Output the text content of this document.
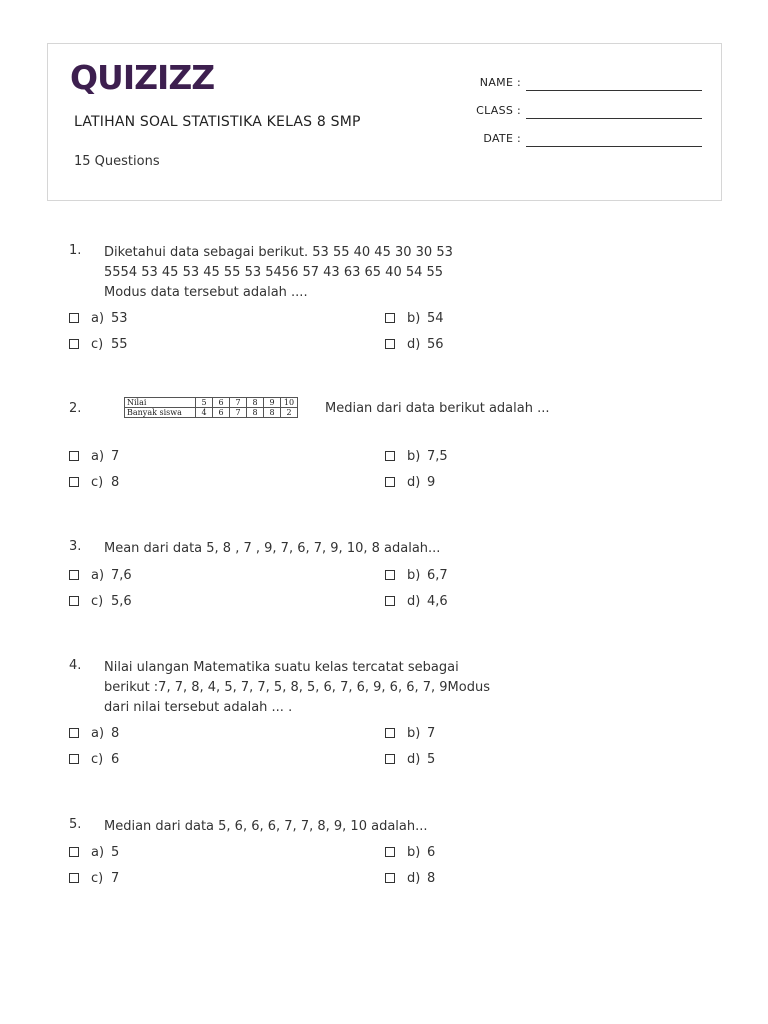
QUIZIZZ
LATIHAN SOAL STATISTIKA KELAS 8 SMP
15 Questions
NAME :
CLASS :
DATE :
1. Diketahui data sebagai berikut. 53 55 40 45 30 30 53
5554 53 45 53 45 55 53 5456 57 43 63 65 40 54 55
Modus data tersebut adalah ....
a) 53	b) 54
c) 55	d) 56
2.	Nilai	5	6	7	8	9	10
Banyak siswa	4	6	7	8	8	2	Median dari data berikut adalah ...
a) 7	b) 7,5
c) 8	d) 9
3. Mean dari data 5, 8 , 7 , 9, 7, 6, 7, 9, 10, 8 adalah...
a) 7,6	b) 6,7
c) 5,6	d) 4,6
4. Nilai ulangan Matematika suatu kelas tercatat sebagai
berikut :7, 7, 8, 4, 5, 7, 7, 5, 8, 5, 6, 7, 6, 9, 6, 6, 7, 9Modus
dari nilai tersebut adalah ... .
a) 8	b) 7
c) 6	d) 5
5. Median dari data 5, 6, 6, 6, 7, 7, 8, 9, 10 adalah...
a) 5	b) 6
c) 7	d) 8
